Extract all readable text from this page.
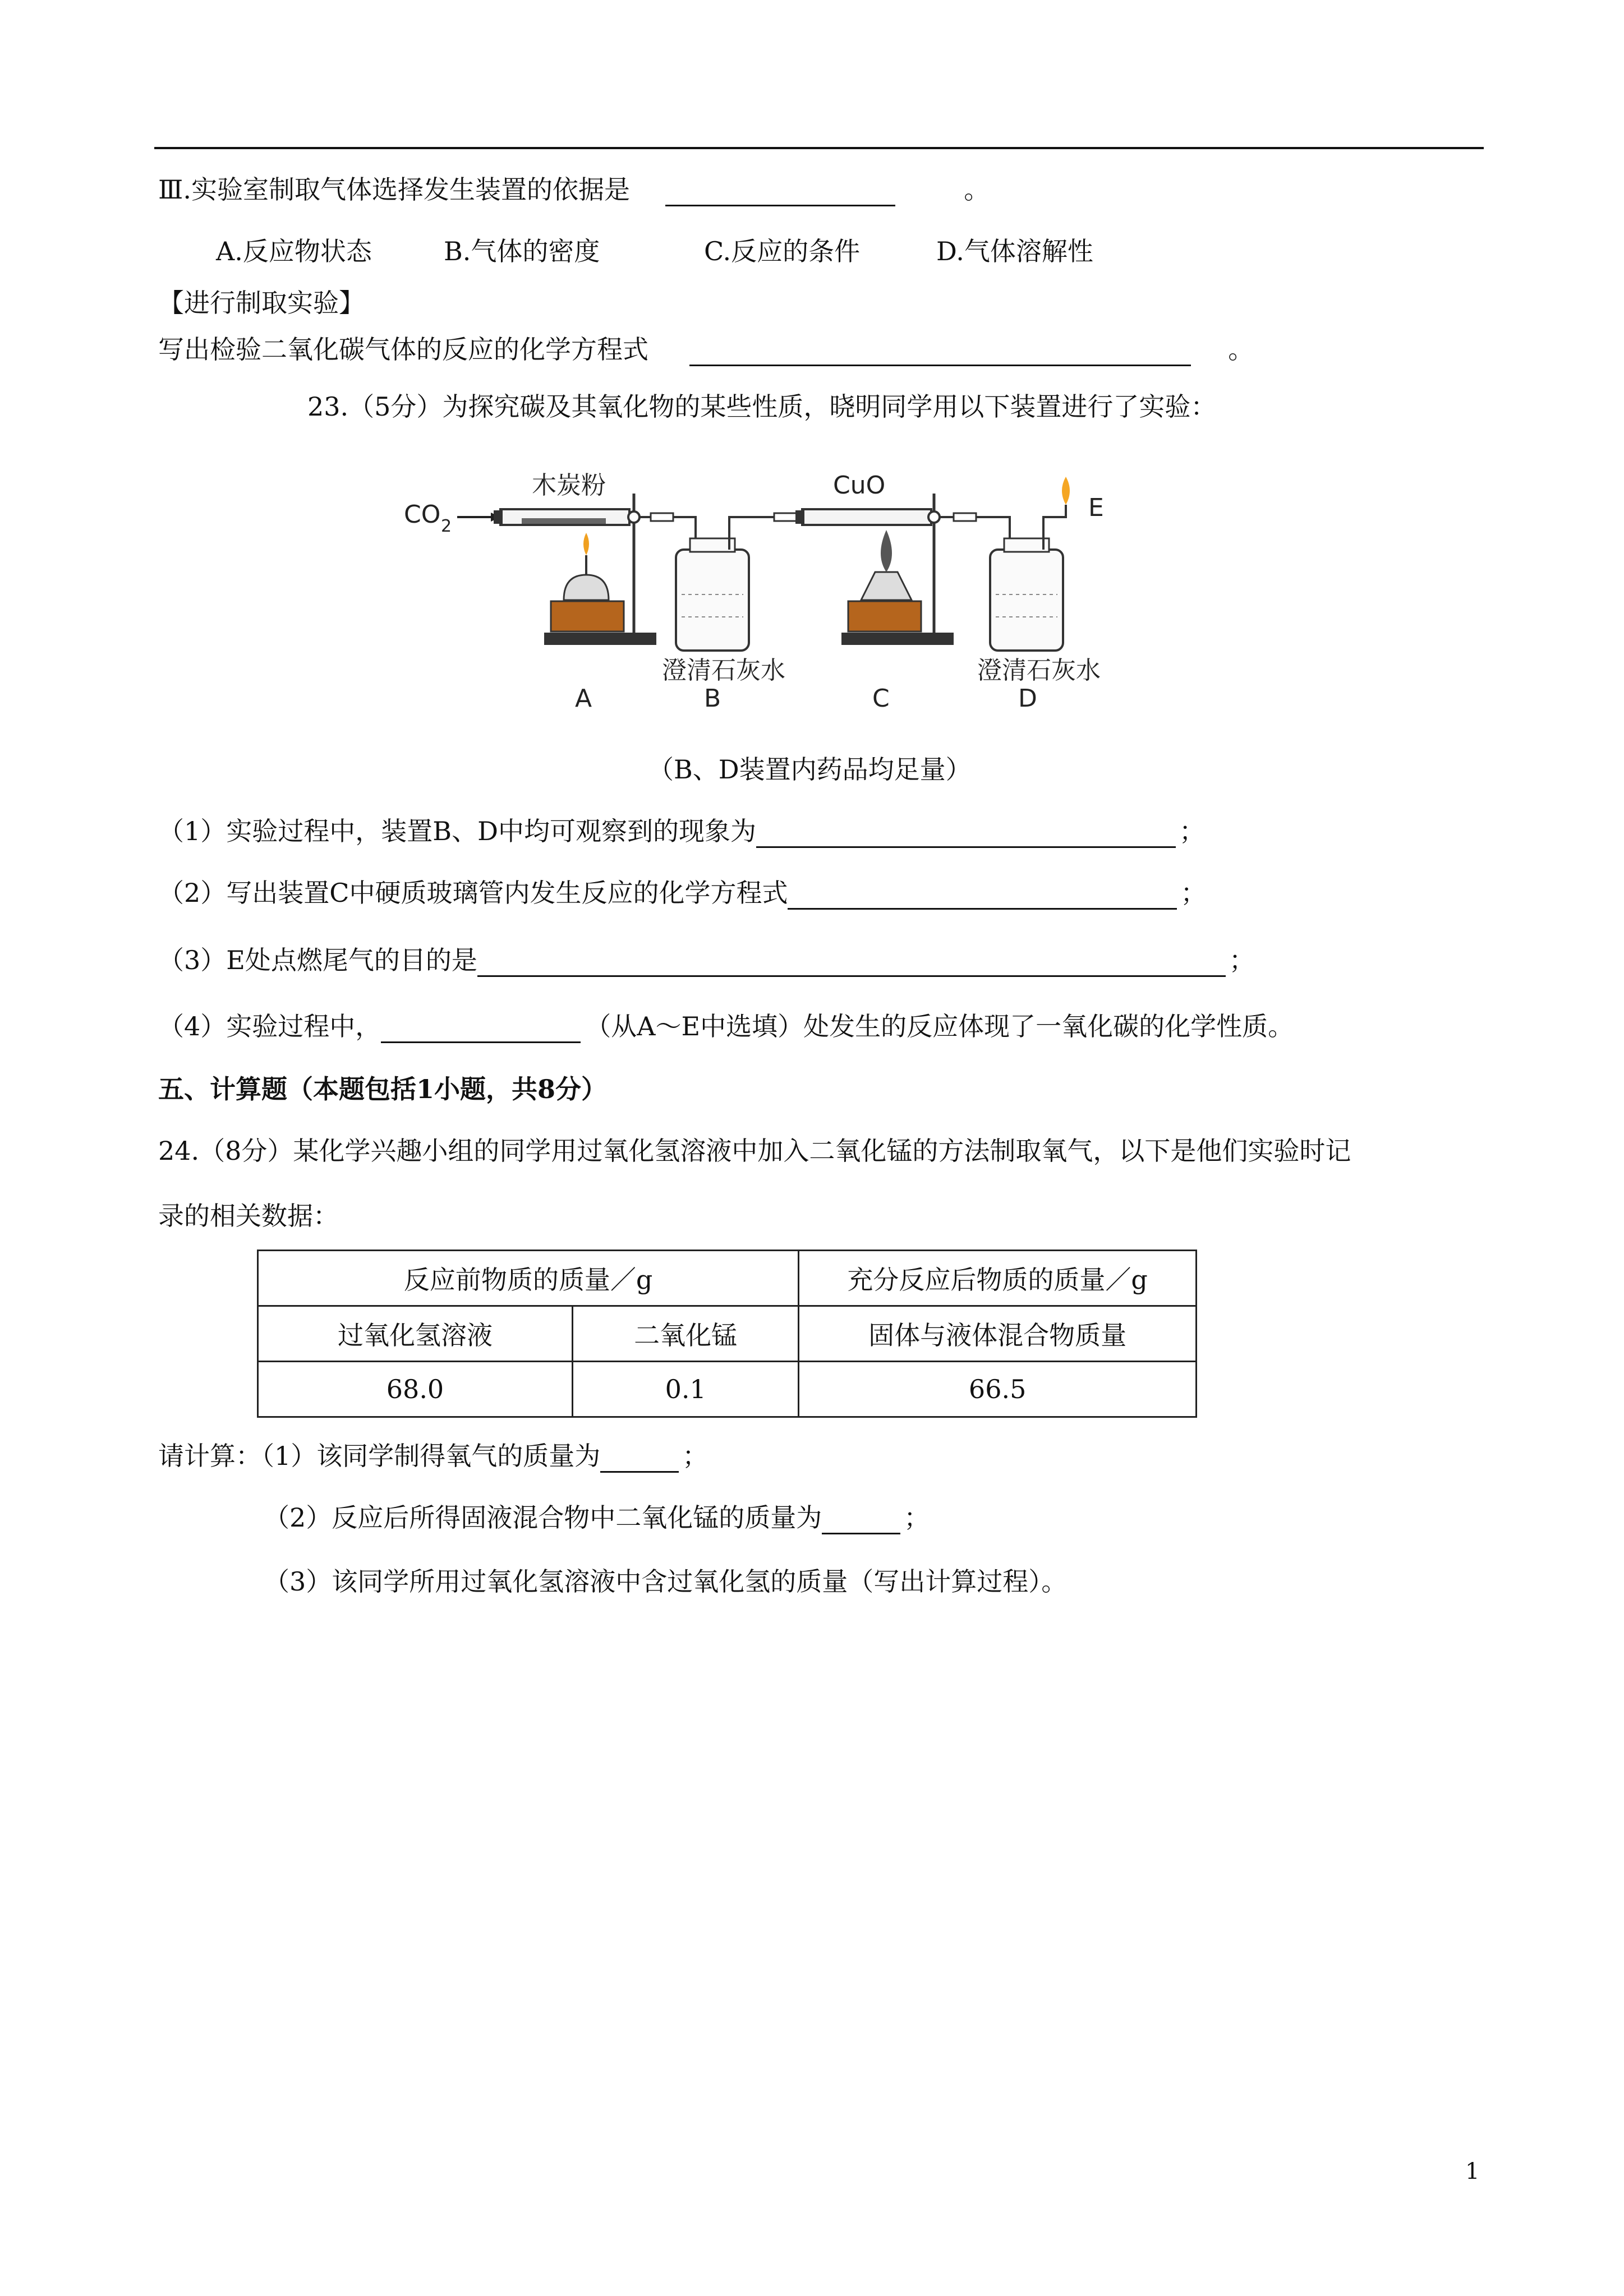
Ⅲ.实验室制取气体选择发生装置的依据是	。
A.反应物状态	B.气体的密度	C.反应的条件	D.气体溶解性
【进行制取实验】
写出检验二氧化碳气体的反应的化学方程式	。
23.（5分）为探究碳及其氧化物的某些性质，晓明同学用以下装置进行了实验：
CO 2
木炭粉
澄清石灰水
CuO
E
澄清石灰水
A	B	C	D
（B、D装置内药品均足量）
（1）实验过程中，装置B、D中均可观察到的现象为	；
（2）写出装置C中硬质玻璃管内发生反应的化学方程式	；
（3）E处点燃尾气的目的是	；
（4）实验过程中，	（从A～E中选填）处发生的反应体现了一氧化碳的化学性质。
五、计算题（本题包括1小题，共8分）
24.（8分）某化学兴趣小组的同学用过氧化氢溶液中加入二氧化锰的方法制取氧气，以下是他们实验时记
录的相关数据：
反应前物质的质量／g		充分反应后物质的质量／g
过氧化氢溶液	二氧化锰	固体与液体混合物质量
68.0	0.1	66.5
请计算：（1）该同学制得氧气的质量为	；
（2）反应后所得固液混合物中二氧化锰的质量为	；
（3）该同学所用过氧化氢溶液中含过氧化氢的质量（写出计算过程）。
1
